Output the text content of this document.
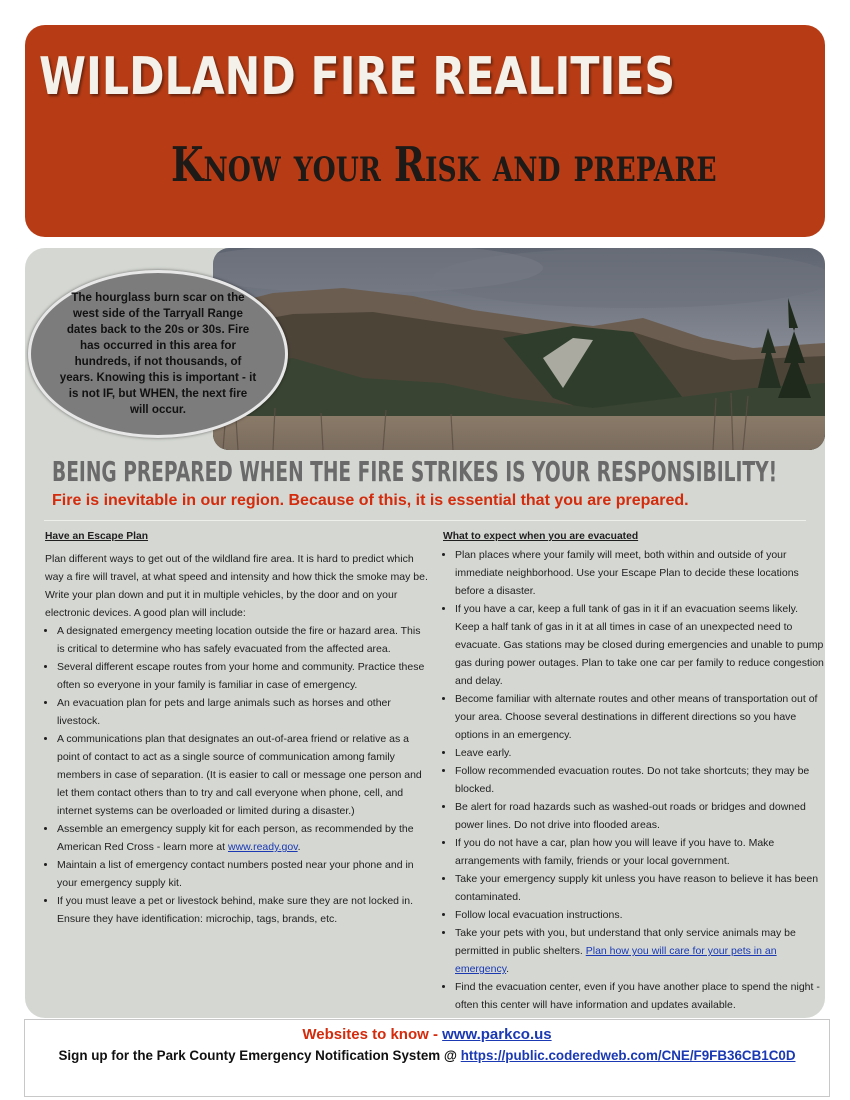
WILDLAND FIRE REALITIES
Know your Risk and prepare
The hourglass burn scar on the west side of the Tarryall Range dates back to the 20s or 30s. Fire has occurred in this area for hundreds, if not thousands, of years. Knowing this is important - it is not IF, but WHEN, the next fire will occur.
BEING PREPARED WHEN THE FIRE STRIKES IS YOUR RESPONSIBILITY!
Fire is inevitable in our region. Because of this, it is essential that you are prepared.

Have an Escape Plan

Plan different ways to get out of the wildland fire area. It is hard to predict which way a fire will travel, at what speed and intensity and how thick the smoke may be. Write your plan down and put it in multiple vehicles, by the door and on your electronic devices. A good plan will include:

• A designated emergency meeting location outside the fire or hazard area. This is critical to determine who has safely evacuated from the affected area.
• Several different escape routes from your home and community. Practice these often so everyone in your family is familiar in case of emergency.
• An evacuation plan for pets and large animals such as horses and other livestock.
• A communications plan that designates an out-of-area friend or relative as a point of contact to act as a single source of communication among family members in case of separation. (It is easier to call or message one person and let them contact others than to try and call everyone when phone, cell, and internet systems can be overloaded or limited during a disaster.)
• Assemble an emergency supply kit for each person, as recommended by the American Red Cross - learn more at www.ready.gov.
• Maintain a list of emergency contact numbers posted near your phone and in your emergency supply kit.
• If you must leave a pet or livestock behind, make sure they are not locked in. Ensure they have identification: microchip, tags, brands, etc.

What to expect when you are evacuated

• Plan places where your family will meet, both within and outside of your immediate neighborhood. Use your Escape Plan to decide these locations before a disaster.
• If you have a car, keep a full tank of gas in it if an evacuation seems likely. Keep a half tank of gas in it at all times in case of an unexpected need to evacuate. Gas stations may be closed during emergencies and unable to pump gas during power outages. Plan to take one car per family to reduce congestion and delay.
• Become familiar with alternate routes and other means of transportation out of your area. Choose several destinations in different directions so you have options in an emergency.
• Leave early.
• Follow recommended evacuation routes. Do not take shortcuts; they may be blocked.
• Be alert for road hazards such as washed-out roads or bridges and downed power lines. Do not drive into flooded areas.
• If you do not have a car, plan how you will leave if you have to. Make arrangements with family, friends or your local government.
• Take your emergency supply kit unless you have reason to believe it has been contaminated.
• Follow local evacuation instructions.
• Take your pets with you, but understand that only service animals may be permitted in public shelters. Plan how you will care for your pets in an emergency.
• Find the evacuation center, even if you have another place to spend the night - often this center will have information and updates available.
Websites to know - www.parkco.us
Sign up for the Park County Emergency Notification System @ https://public.coderedweb.com/CNE/F9FB36CB1C0D
